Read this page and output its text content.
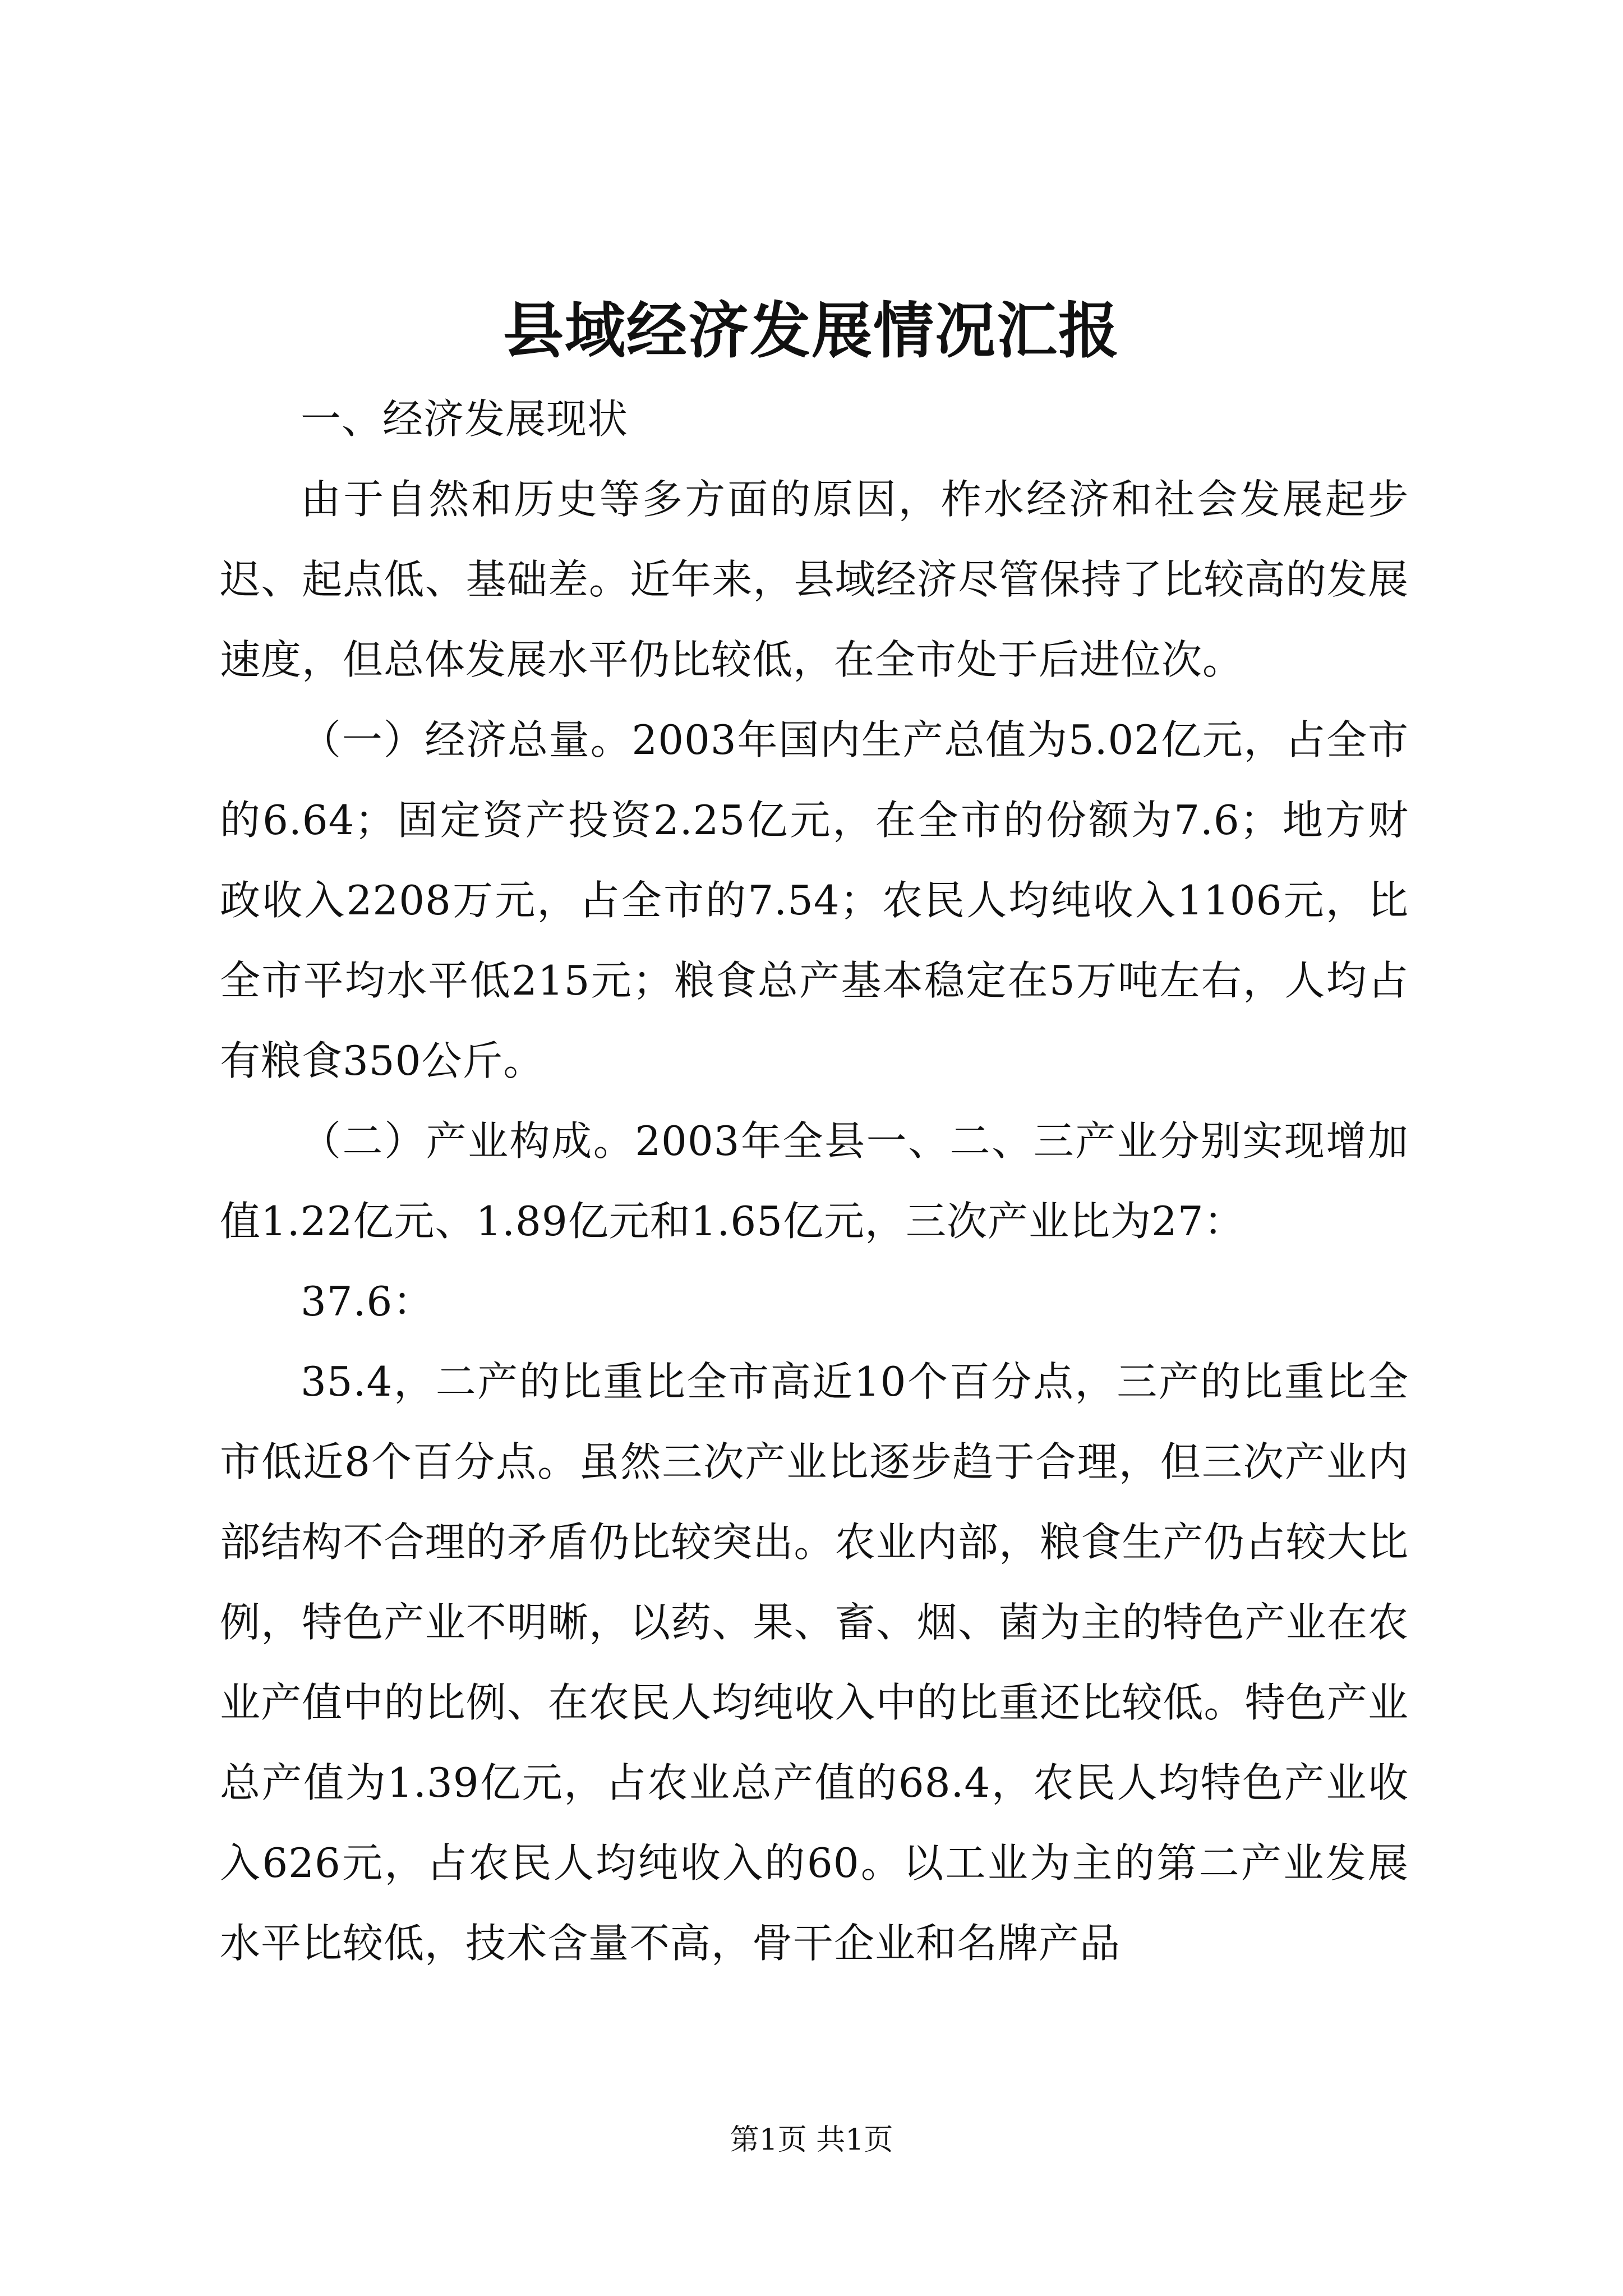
县域经济发展情况汇报

一、经济发展现状

由于自然和历史等多方面的原因，柞水经济和社会发展起步迟、起点低、基础差。近年来，县域经济尽管保持了比较高的发展速度，但总体发展水平仍比较低，在全市处于后进位次。

（一）经济总量。2003年国内生产总值为5.02亿元，占全市的6.64；固定资产投资2.25亿元，在全市的份额为7.6；地方财政收入2208万元，占全市的7.54；农民人均纯收入1106元，比全市平均水平低215元；粮食总产基本稳定在5万吨左右，人均占有粮食350公斤。

（二）产业构成。2003年全县一、二、三产业分别实现增加值1.22亿元、1.89亿元和1.65亿元，三次产业比为27：

37.6：

35.4，二产的比重比全市高近10个百分点，三产的比重比全市低近8个百分点。虽然三次产业比逐步趋于合理，但三次产业内部结构不合理的矛盾仍比较突出。农业内部，粮食生产仍占较大比例，特色产业不明晰，以药、果、畜、烟、菌为主的特色产业在农业产值中的比例、在农民人均纯收入中的比重还比较低。特色产业总产值为1.39亿元，占农业总产值的68.4，农民人均特色产业收入626元，占农民人均纯收入的60。以工业为主的第二产业发展水平比较低，技术含量不高，骨干企业和名牌产品

第1页 共1页
